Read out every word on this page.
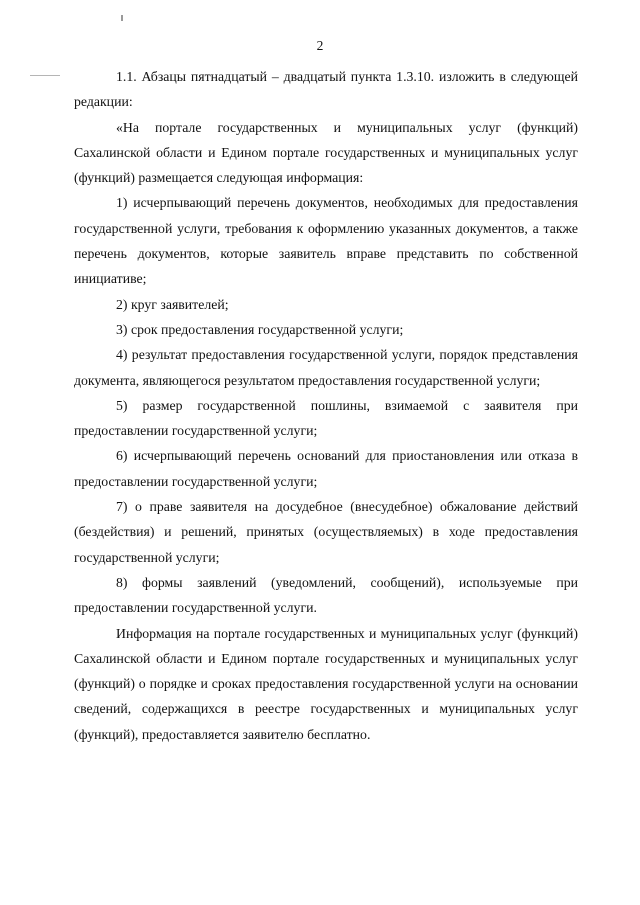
2

1.1. Абзацы пятнадцатый – двадцатый пункта 1.3.10. изложить в следующей редакции:

«На портале государственных и муниципальных услуг (функций) Сахалинской области и Едином портале государственных и муниципальных услуг (функций) размещается следующая информация:

1) исчерпывающий перечень документов, необходимых для предоставления государственной услуги, требования к оформлению указанных документов, а также перечень документов, которые заявитель вправе представить по собственной инициативе;

2) круг заявителей;

3) срок предоставления государственной услуги;

4) результат предоставления государственной услуги, порядок представления документа, являющегося результатом предоставления государственной услуги;

5) размер государственной пошлины, взимаемой с заявителя при предоставлении государственной услуги;

6) исчерпывающий перечень оснований для приостановления или отказа в предоставлении государственной услуги;

7) о праве заявителя на досудебное (внесудебное) обжалование действий (бездействия) и решений, принятых (осуществляемых) в ходе предоставления государственной услуги;

8) формы заявлений (уведомлений, сообщений), используемые при предоставлении государственной услуги.

Информация на портале государственных и муниципальных услуг (функций) Сахалинской области и Едином портале государственных и муниципальных услуг (функций) о порядке и сроках предоставления государственной услуги на основании сведений, содержащихся в реестре государственных и муниципальных услуг (функций), предоставляется заявителю бесплатно.
